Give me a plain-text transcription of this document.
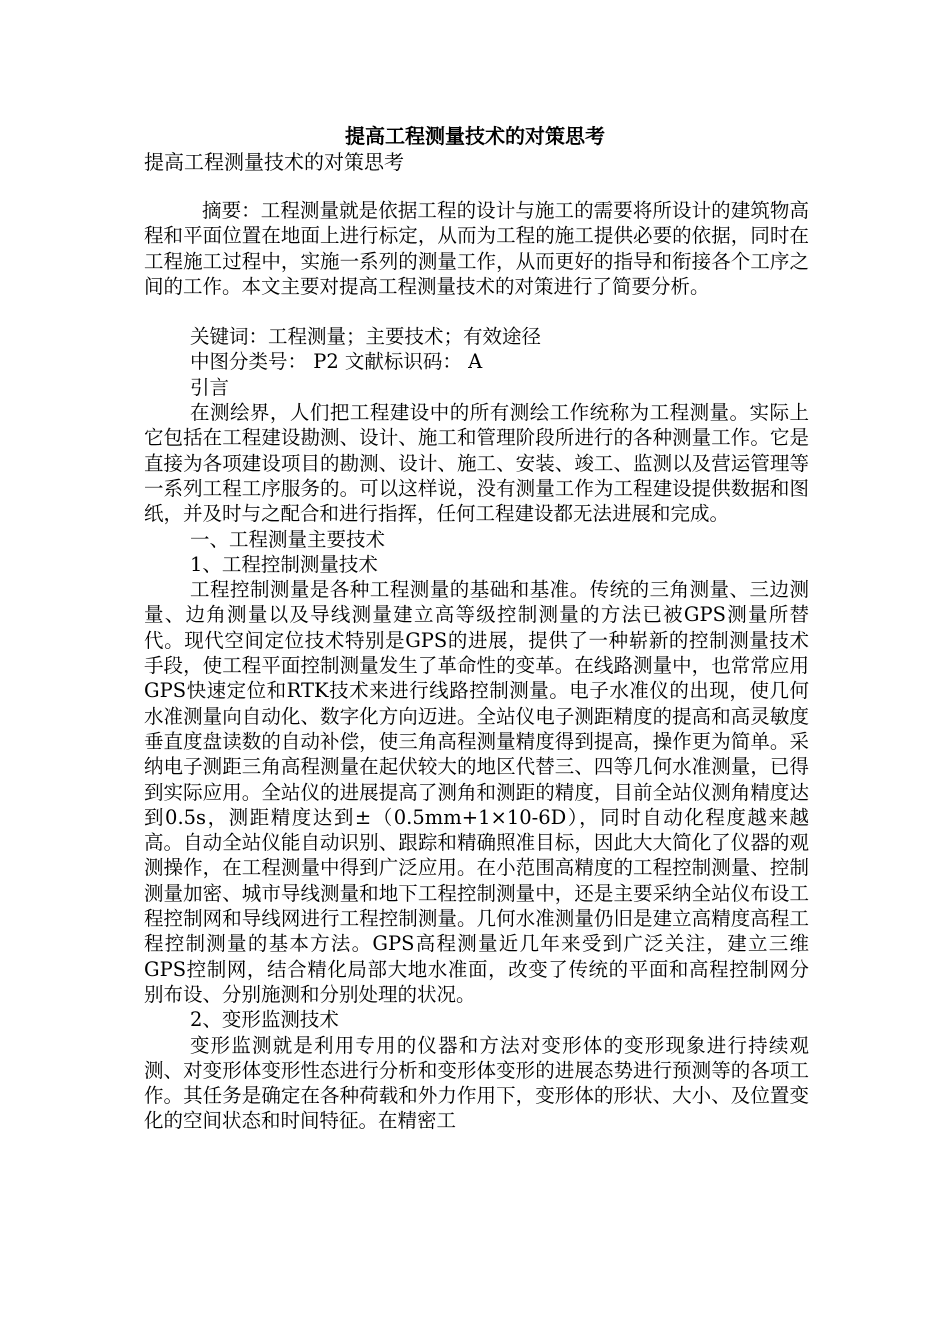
提高工程测量技术的对策思考
提高工程测量技术的对策思考

摘要：工程测量就是依据工程的设计与施工的需要将所设计的建筑物高程和平面位置在地面上进行标定，从而为工程的施工提供必要的依据，同时在工程施工过程中，实施一系列的测量工作，从而更好的指导和衔接各个工序之间的工作。本文主要对提高工程测量技术的对策进行了简要分析。

关键词：工程测量；主要技术；有效途径

中图分类号： P2 文献标识码： A

引言

在测绘界，人们把工程建设中的所有测绘工作统称为工程测量。实际上它包括在工程建设勘测、设计、施工和管理阶段所进行的各种测量工作。它是直接为各项建设项目的勘测、设计、施工、安装、竣工、监测以及营运管理等一系列工程工序服务的。可以这样说，没有测量工作为工程建设提供数据和图纸，并及时与之配合和进行指挥，任何工程建设都无法进展和完成。

一、工程测量主要技术

1、工程控制测量技术

工程控制测量是各种工程测量的基础和基准。传统的三角测量、三边测量、边角测量以及导线测量建立高等级控制测量的方法已被GPS测量所替代。现代空间定位技术特别是GPS的进展，提供了一种崭新的控制测量技术手段，使工程平面控制测量发生了革命性的变革。在线路测量中，也常常应用GPS快速定位和RTK技术来进行线路控制测量。电子水准仪的出现，使几何水准测量向自动化、数字化方向迈进。全站仪电子测距精度的提高和高灵敏度垂直度盘读数的自动补偿，使三角高程测量精度得到提高，操作更为简单。采纳电子测距三角高程测量在起伏较大的地区代替三、四等几何水准测量，已得到实际应用。全站仪的进展提高了测角和测距的精度，目前全站仪测角精度达到0.5s，测距精度达到±（0.5mm+1×10-6D），同时自动化程度越来越高。自动全站仪能自动识别、跟踪和精确照准目标，因此大大简化了仪器的观测操作，在工程测量中得到广泛应用。在小范围高精度的工程控制测量、控制测量加密、城市导线测量和地下工程控制测量中，还是主要采纳全站仪布设工程控制网和导线网进行工程控制测量。几何水准测量仍旧是建立高精度高程工程控制测量的基本方法。GPS高程测量近几年来受到广泛关注，建立三维GPS控制网，结合精化局部大地水准面，改变了传统的平面和高程控制网分别布设、分别施测和分别处理的状况。

2、变形监测技术

变形监测就是利用专用的仪器和方法对变形体的变形现象进行持续观测、对变形体变形性态进行分析和变形体变形的进展态势进行预测等的各项工作。其任务是确定在各种荷载和外力作用下，变形体的形状、大小、及位置变化的空间状态和时间特征。在精密工
